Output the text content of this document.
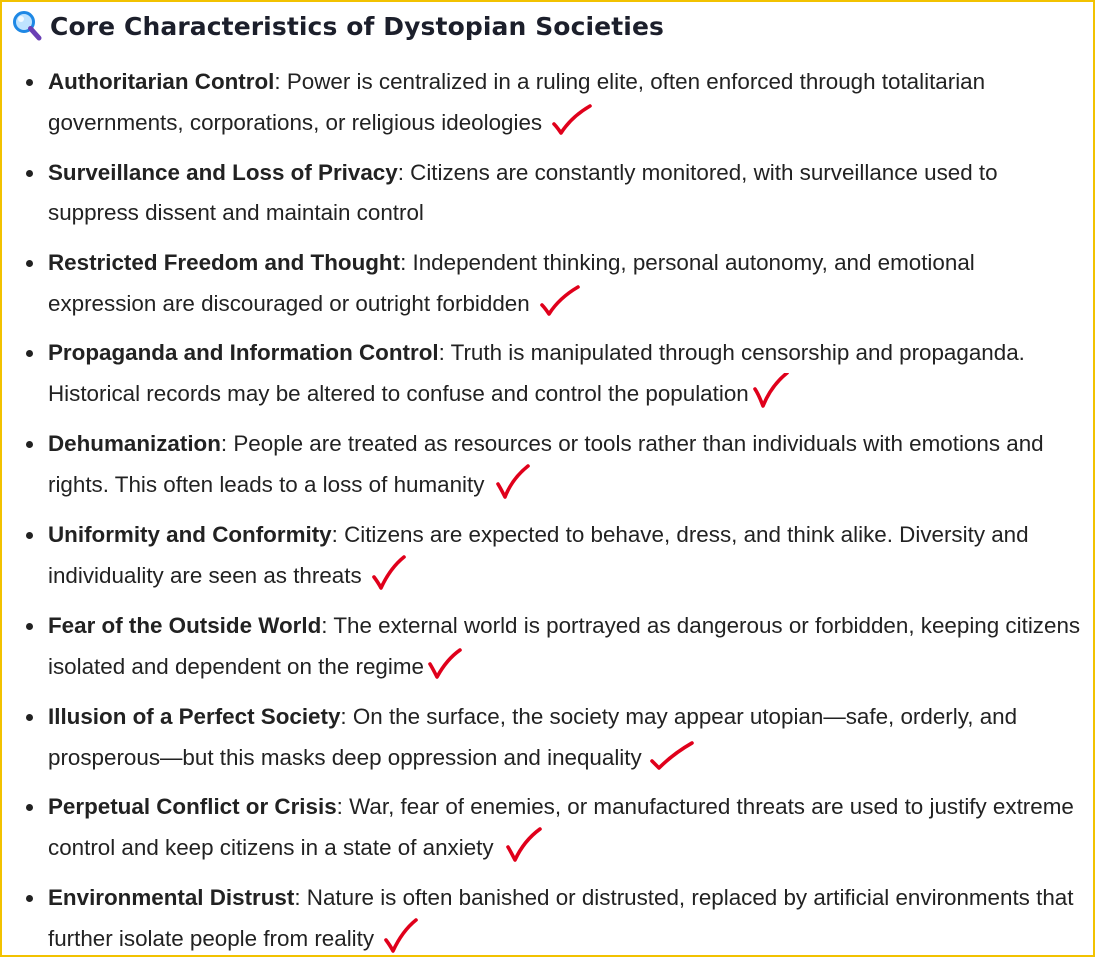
Core Characteristics of Dystopian Societies
Authoritarian Control: Power is centralized in a ruling elite, often enforced through totalitarian governments, corporations, or religious ideologies
Surveillance and Loss of Privacy: Citizens are constantly monitored, with surveillance used to suppress dissent and maintain control
Restricted Freedom and Thought: Independent thinking, personal autonomy, and emotional expression are discouraged or outright forbidden
Propaganda and Information Control: Truth is manipulated through censorship and propaganda. Historical records may be altered to confuse and control the population
Dehumanization: People are treated as resources or tools rather than individuals with emotions and rights. This often leads to a loss of humanity
Uniformity and Conformity: Citizens are expected to behave, dress, and think alike. Diversity and individuality are seen as threats
Fear of the Outside World: The external world is portrayed as dangerous or forbidden, keeping citizens isolated and dependent on the regime
Illusion of a Perfect Society: On the surface, the society may appear utopian—safe, orderly, and prosperous—but this masks deep oppression and inequality
Perpetual Conflict or Crisis: War, fear of enemies, or manufactured threats are used to justify extreme control and keep citizens in a state of anxiety
Environmental Distrust: Nature is often banished or distrusted, replaced by artificial environments that further isolate people from reality
